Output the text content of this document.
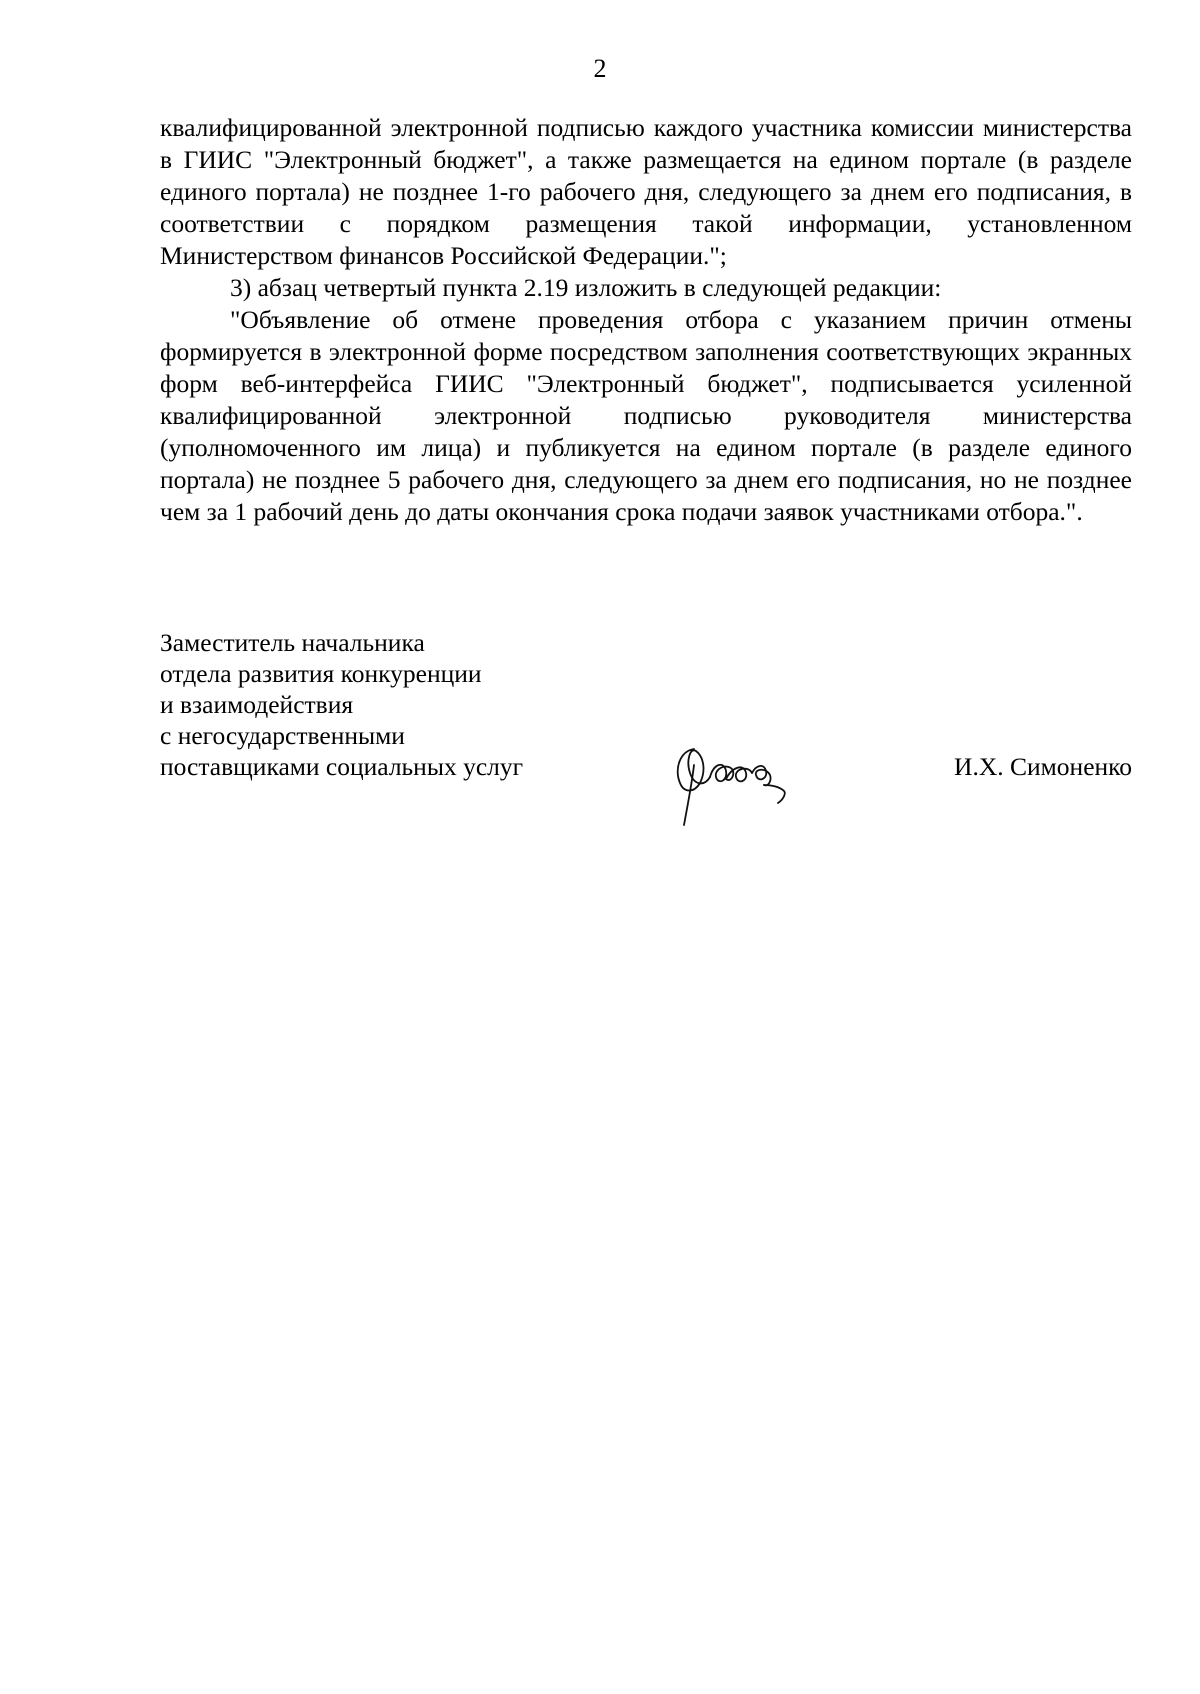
2

квалифицированной электронной подписью каждого участника комиссии министерства в ГИИС "Электронный бюджет", а также размещается на едином портале (в разделе единого портала) не позднее 1-го рабочего дня, следующего за днем его подписания, в соответствии с порядком размещения такой информации, установленном Министерством финансов Российской Федерации.";

3) абзац четвертый пункта 2.19 изложить в следующей редакции:

"Объявление об отмене проведения отбора с указанием причин отмены формируется в электронной форме посредством заполнения соответствующих экранных форм веб-интерфейса ГИИС "Электронный бюджет", подписывается усиленной квалифицированной электронной подписью руководителя министерства (уполномоченного им лица) и публикуется на едином портале (в разделе единого портала) не позднее 5 рабочего дня, следующего за днем его подписания, но не позднее чем за 1 рабочий день до даты окончания срока подачи заявок участниками отбора.".

Заместитель начальника
отдела развития конкуренции
и взаимодействия
с негосударственными
поставщиками социальных услуг	И.Х. Симоненко
